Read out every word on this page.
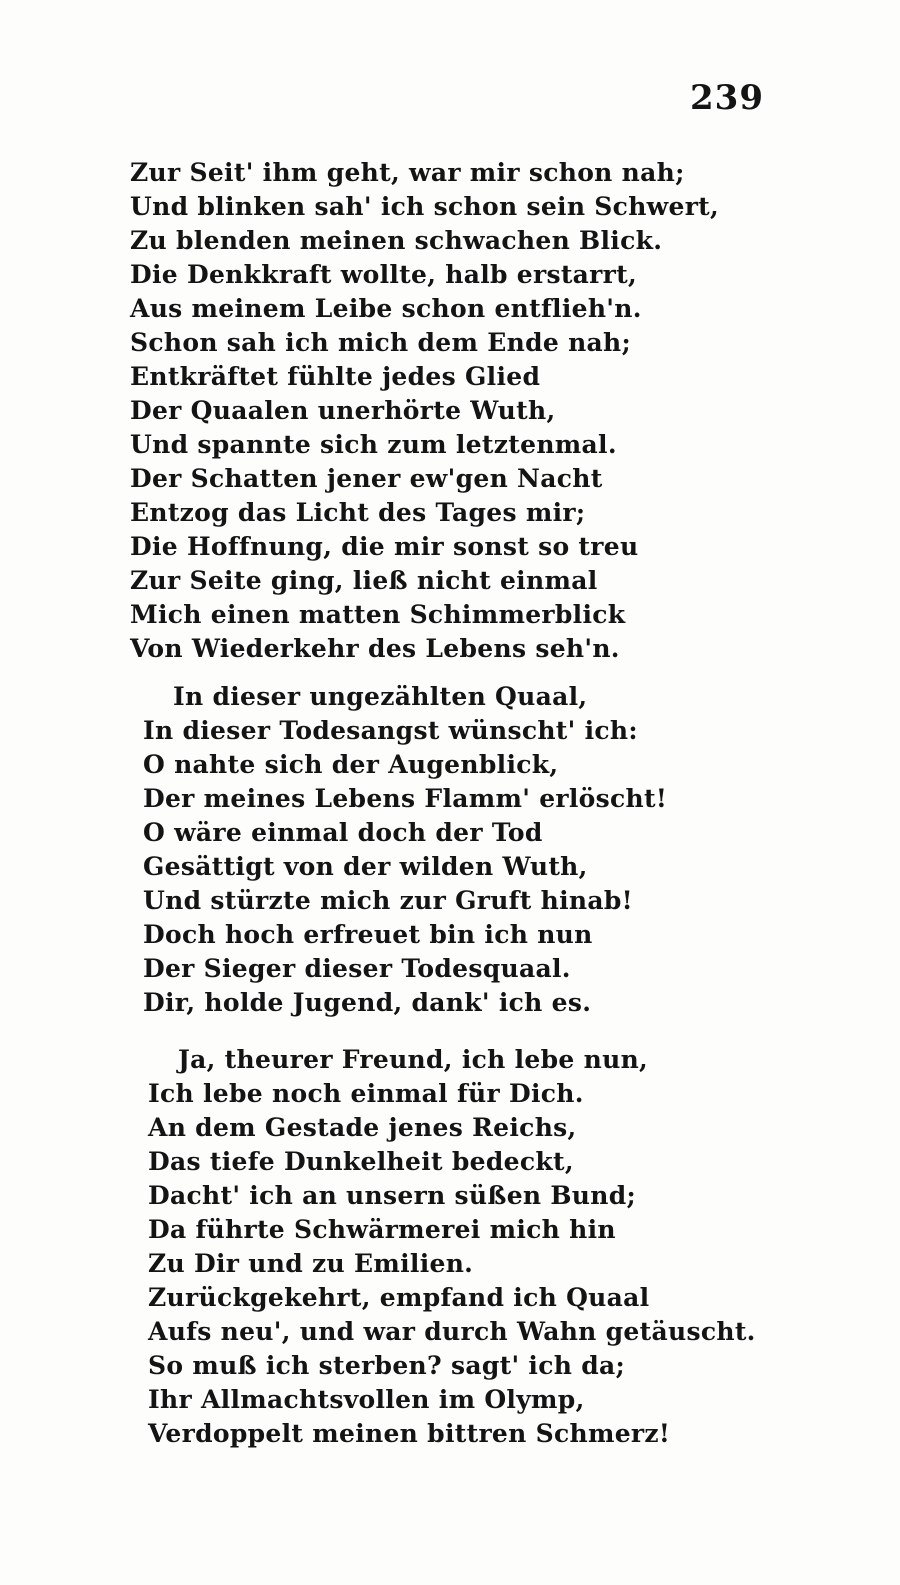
239
Zur Seit' ihm geht, war mir schon nah;
Und blinken sah' ich schon sein Schwert,
Zu blenden meinen schwachen Blick.
Die Denkkraft wollte, halb erstarrt,
Aus meinem Leibe schon entflieh'n.
Schon sah ich mich dem Ende nah;
Entkräftet fühlte jedes Glied
Der Quaalen unerhörte Wuth,
Und spannte sich zum letztenmal.
Der Schatten jener ew'gen Nacht
Entzog das Licht des Tages mir;
Die Hoffnung, die mir sonst so treu
Zur Seite ging, ließ nicht einmal
Mich einen matten Schimmerblick
Von Wiederkehr des Lebens seh'n.
In dieser ungezählten Quaal,
In dieser Todesangst wünscht' ich:
O nahte sich der Augenblick,
Der meines Lebens Flamm' erlöscht!
O wäre einmal doch der Tod
Gesättigt von der wilden Wuth,
Und stürzte mich zur Gruft hinab!
Doch hoch erfreuet bin ich nun
Der Sieger dieser Todesquaal.
Dir, holde Jugend, dank' ich es.
Ja, theurer Freund, ich lebe nun,
Ich lebe noch einmal für Dich.
An dem Gestade jenes Reichs,
Das tiefe Dunkelheit bedeckt,
Dacht' ich an unsern süßen Bund;
Da führte Schwärmerei mich hin
Zu Dir und zu Emilien.
Zurückgekehrt, empfand ich Quaal
Aufs neu', und war durch Wahn getäuscht.
So muß ich sterben? sagt' ich da;
Ihr Allmachtsvollen im Olymp,
Verdoppelt meinen bittren Schmerz!
